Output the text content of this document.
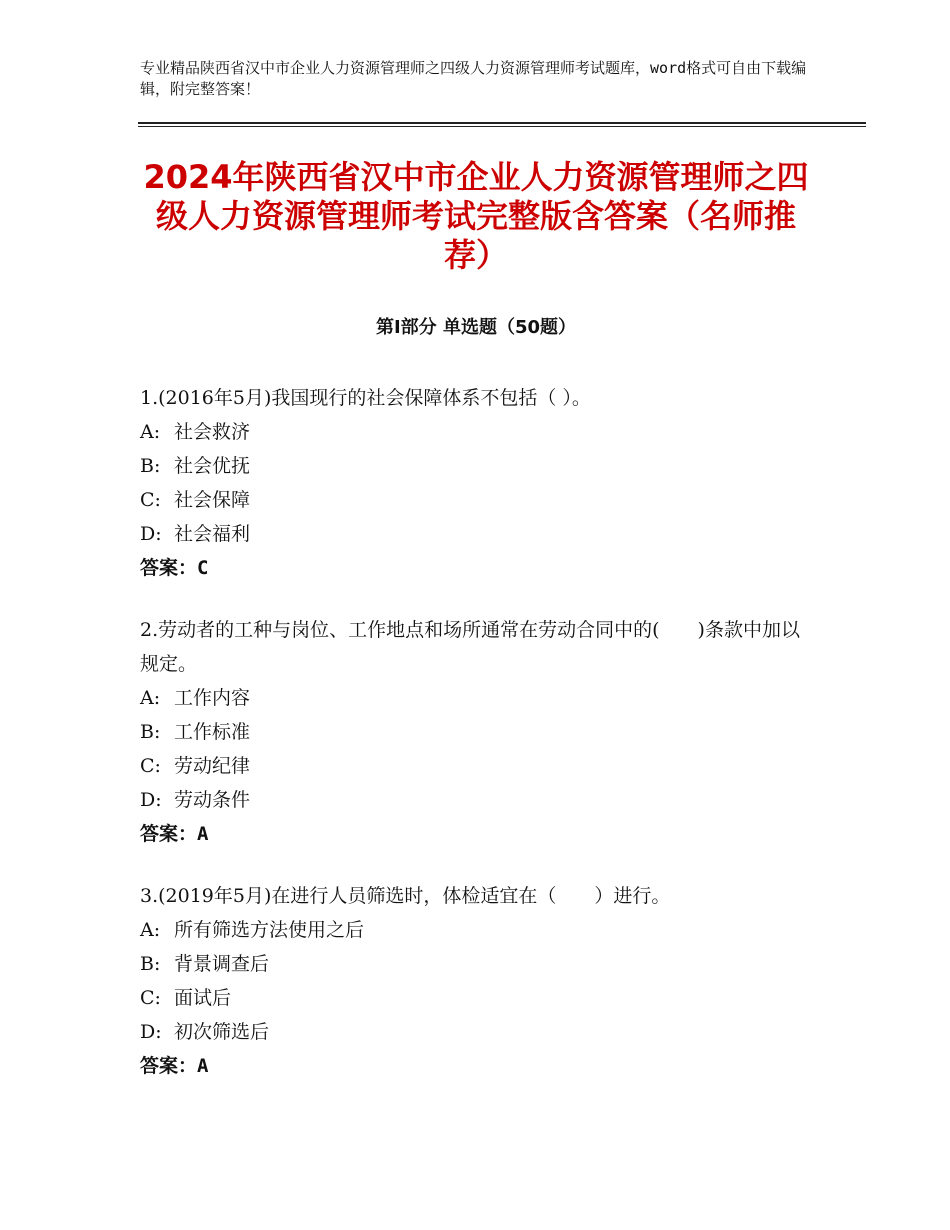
专业精品陕西省汉中市企业人力资源管理师之四级人力资源管理师考试题库，word格式可自由下载编辑，附完整答案！
2024年陕西省汉中市企业人力资源管理师之四级人力资源管理师考试完整版含答案（名师推荐）
第Ⅰ部分 单选题（50题）
1.(2016年5月)我国现行的社会保障体系不包括（ ）。
A: 社会救济
B: 社会优抚
C: 社会保障
D: 社会福利
答案：C
2.劳动者的工种与岗位、工作地点和场所通常在劳动合同中的(　　)条款中加以规定。
A: 工作内容
B: 工作标准
C: 劳动纪律
D: 劳动条件
答案：A
3.(2019年5月)在进行人员筛选时，体检适宜在（　　）进行。
A: 所有筛选方法使用之后
B: 背景调查后
C: 面试后
D: 初次筛选后
答案：A
